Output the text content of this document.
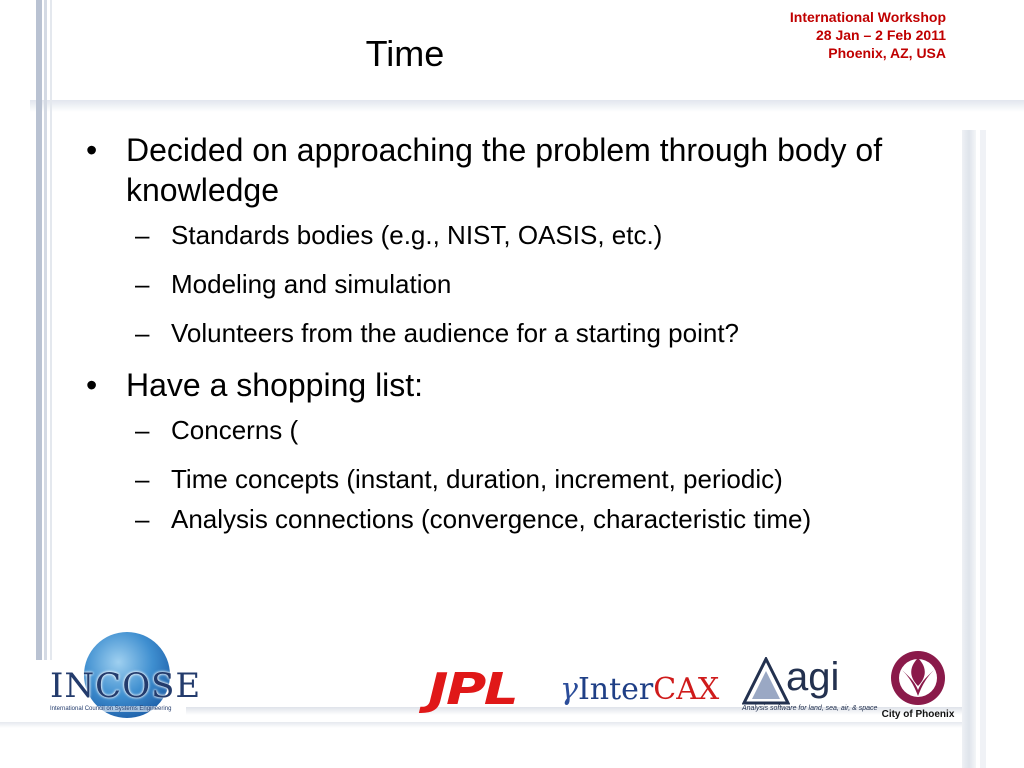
Time
International Workshop
28 Jan – 2 Feb 2011
Phoenix, AZ, USA
• Decided on approaching the problem through body of knowledge
– Standards bodies (e.g., NIST, OASIS, etc.)
– Modeling and simulation
– Volunteers from the audience for a starting point?
• Have a shopping list:
– Concerns (
– Time concepts (instant, duration, increment, periodic)
– Analysis connections (convergence, characteristic time)
INCOSE
International Council on Systems Engineering	JPL γInterCAX agi
Analysis software for land, sea, air, & space
City of Phoenix
